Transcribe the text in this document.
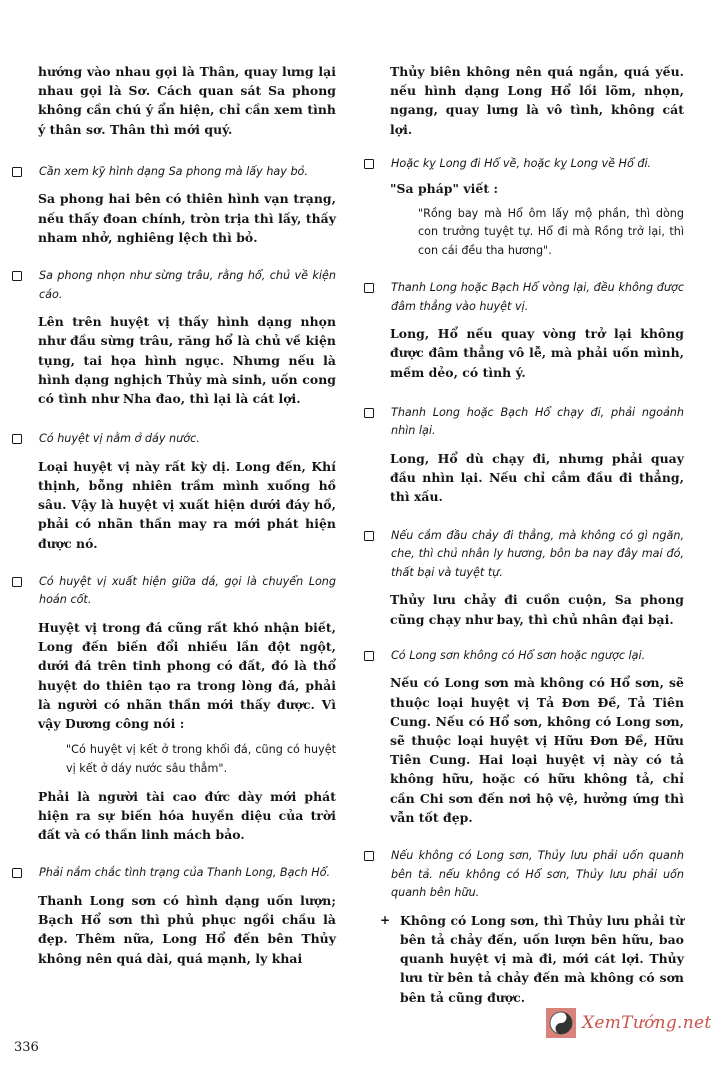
hướng vào nhau gọi là Thân, quay lưng lại nhau gọi là Sơ. Cách quan sát Sa phong không cần chú ý ẩn hiện, chỉ cần xem tình ý thân sơ. Thân thì mới quý.

Cần xem kỹ hình dạng Sa phong mà lấy hay bỏ.

Sa phong hai bên có thiên hình vạn trạng, nếu thấy đoan chính, tròn trịa thì lấy, thấy nham nhở, nghiêng lệch thì bỏ.

Sa phong nhọn như sừng trâu, rằng hổ, chủ về kiện cáo.

Lên trên huyệt vị thấy hình dạng nhọn như đầu sừng trâu, răng hổ là chủ về kiện tụng, tai họa hình ngục. Nhưng nếu là hình dạng nghịch Thủy mà sinh, uốn cong có tình như Nha đao, thì lại là cát lợi.

Có huyệt vị nằm ở dáy nước.

Loại huyệt vị này rất kỳ dị. Long đến, Khí thịnh, bỗng nhiên trầm mình xuống hồ sâu. Vậy là huyệt vị xuất hiện dưới đáy hồ, phải có nhãn thần may ra mới phát hiện được nó.

Có huyệt vị xuất hiện giữa dá, gọi là chuyển Long hoán cốt.

Huyệt vị trong đá cũng rất khó nhận biết, Long đến biến đổi nhiều lần đột ngột, dưới đá trên tinh phong có đất, đó là thổ huyệt do thiên tạo ra trong lòng đá, phải là người có nhãn thần mới thấy được. Vì vậy Dương công nói :

"Có huyệt vị kết ở trong khối đá, cũng có huyệt vị kết ở dáy nước sâu thẳm".

Phải là người tài cao đức dày mới phát hiện ra sự biến hóa huyền diệu của trời đất và có thần linh mách bảo.

Phải nắm chắc tình trạng của Thanh Long, Bạch Hổ.

Thanh Long sơn có hình dạng uốn lượn; Bạch Hổ sơn thì phủ phục ngồi chầu là đẹp. Thêm nữa, Long Hổ đến bên Thủy không nên quá dài, quá mạnh, ly khai

Thủy biên không nên quá ngắn, quá yếu. nếu hình dạng Long Hổ lồi lõm, nhọn, ngang, quay lưng là vô tình, không cát lợi.

Hoặc kỵ Long đi Hổ về, hoặc kỵ Long về Hổ đi.

"Sa pháp" viết :

"Rồng bay mà Hổ ôm lấy mộ phần, thì dòng con trưởng tuyệt tự. Hổ đi mà Rồng trở lại, thì con cái đều tha hương".

Thanh Long hoặc Bạch Hổ vòng lại, đều không được đâm thẳng vào huyệt vị.

Long, Hổ nếu quay vòng trở lại không được đâm thẳng vô lễ, mà phải uốn mình, mềm dẻo, có tình ý.

Thanh Long hoặc Bạch Hổ chạy đi, phải ngoảnh nhìn lại.

Long, Hổ dù chạy đi, nhưng phải quay đầu nhìn lại. Nếu chỉ cắm đầu đi thẳng, thì xấu.

Nếu cắm đầu chảy đi thẳng, mà không có gì ngăn, che, thì chủ nhân ly hương, bôn ba nay đây mai đó, thất bại và tuyệt tự.

Thủy lưu chảy đi cuồn cuộn, Sa phong cũng chạy như bay, thì chủ nhân đại bại.

Có Long sơn không có Hổ sơn hoặc ngược lại.

Nếu có Long sơn mà không có Hổ sơn, sẽ thuộc loại huyệt vị Tả Đơn Đề, Tả Tiên Cung. Nếu có Hổ sơn, không có Long sơn, sẽ thuộc loại huyệt vị Hữu Đơn Đề, Hữu Tiên Cung. Hai loại huyệt vị này có tả không hữu, hoặc có hữu không tả, chỉ cần Chi sơn đến nơi hộ vệ, hưởng ứng thì vẫn tốt đẹp.

Nếu không có Long sơn, Thủy lưu phải uốn quanh bên tả. nếu không có Hổ sơn, Thủy lưu phải uốn quanh bên hữu.
+ Không có Long sơn, thì Thủy lưu phải từ bên tả chảy đến, uốn lượn bên hữu, bao quanh huyệt vị mà đi, mới cát lợi. Thủy lưu từ bên tả chảy đến mà không có sơn bên tả cũng được.

336
XemTướng.net
